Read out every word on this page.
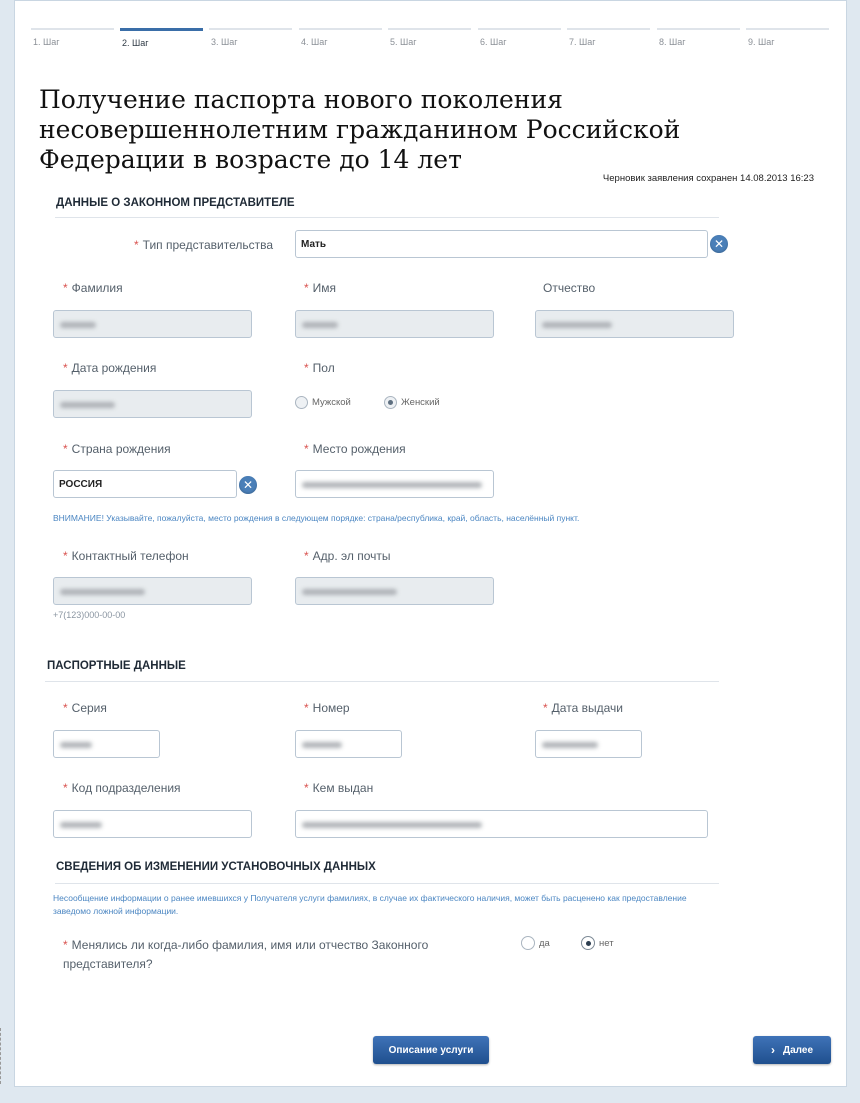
1. Шаг	2. Шаг	3. Шаг	4. Шаг	5. Шаг	6. Шаг	7. Шаг	8. Шаг	9. Шаг
Получение паспорта нового поколения несовершеннолетним гражданином Российской Федерации в возрасте до 14 лет
Черновик заявления сохранен 14.08.2013 16:23
ДАННЫЕ О ЗАКОННОМ ПРЕДСТАВИТЕЛЕ
* Тип представительства	Мать	✕
* Фамилия	* Имя	Отчество
* Дата рождения	* Пол
Мужской	Женский
* Страна рождения	* Место рождения
РОССИЯ	✕
ВНИМАНИЕ! Указывайте, пожалуйста, место рождения в следующем порядке: страна/республика, край, область, населённый пункт.
* Контактный телефон	* Адр. эл почты
+7(123)000-00-00
ПАСПОРТНЫЕ ДАННЫЕ
* Серия	* Номер	* Дата выдачи
* Код подразделения	* Кем выдан
СВЕДЕНИЯ ОБ ИЗМЕНЕНИИ УСТАНОВОЧНЫХ ДАННЫХ
Несообщение информации о ранее имевшихся у Получателя услуги фамилиях, в случае их фактического наличия, может быть расценено как предоставление заведомо ложной информации.
* Менялись ли когда-либо фамилия, имя или отчество Законного представителя?
да	нет
Описание услуги	› Далее
